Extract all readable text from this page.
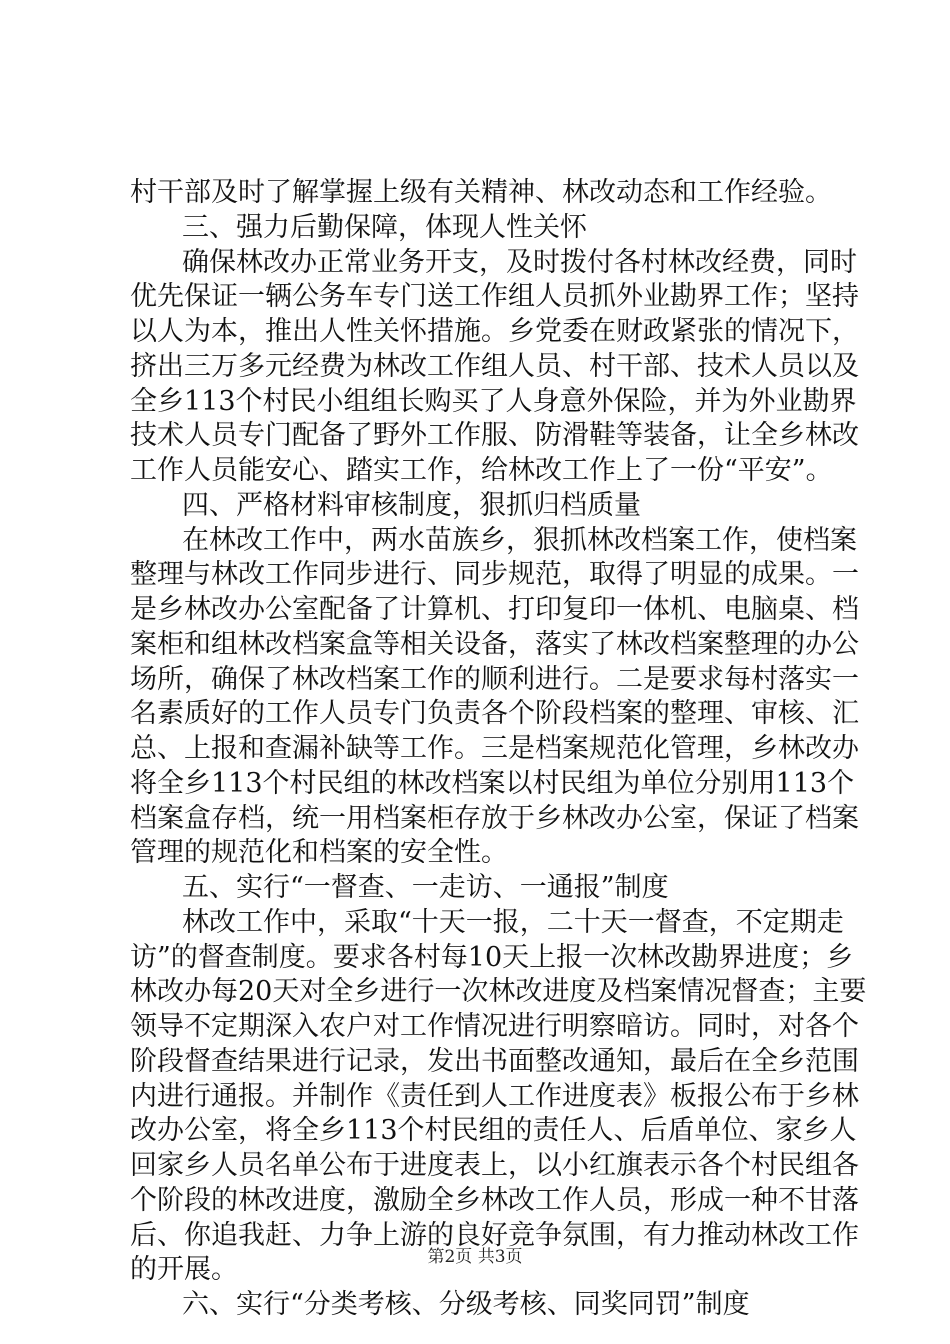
村干部及时了解掌握上级有关精神、林改动态和工作经验。
三、强力后勤保障，体现人性关怀
确保林改办正常业务开支，及时拨付各村林改经费，同时
优先保证一辆公务车专门送工作组人员抓外业勘界工作；坚持
以人为本，推出人性关怀措施。乡党委在财政紧张的情况下，
挤出三万多元经费为林改工作组人员、村干部、技术人员以及
全乡113个村民小组组长购买了人身意外保险，并为外业勘界
技术人员专门配备了野外工作服、防滑鞋等装备，让全乡林改
工作人员能安心、踏实工作，给林改工作上了一份“平安”。
四、严格材料审核制度，狠抓归档质量
在林改工作中，两水苗族乡，狠抓林改档案工作，使档案
整理与林改工作同步进行、同步规范，取得了明显的成果。一
是乡林改办公室配备了计算机、打印复印一体机、电脑桌、档
案柜和组林改档案盒等相关设备，落实了林改档案整理的办公
场所，确保了林改档案工作的顺利进行。二是要求每村落实一
名素质好的工作人员专门负责各个阶段档案的整理、审核、汇
总、上报和查漏补缺等工作。三是档案规范化管理，乡林改办
将全乡113个村民组的林改档案以村民组为单位分别用113个
档案盒存档，统一用档案柜存放于乡林改办公室，保证了档案
管理的规范化和档案的安全性。
五、实行“一督查、一走访、一通报”制度
林改工作中，采取“十天一报，二十天一督查，不定期走
访”的督查制度。要求各村每10天上报一次林改勘界进度；乡
林改办每20天对全乡进行一次林改进度及档案情况督查；主要
领导不定期深入农户对工作情况进行明察暗访。同时，对各个
阶段督查结果进行记录，发出书面整改通知，最后在全乡范围
内进行通报。并制作《责任到人工作进度表》板报公布于乡林
改办公室，将全乡113个村民组的责任人、后盾单位、家乡人
回家乡人员名单公布于进度表上，以小红旗表示各个村民组各
个阶段的林改进度，激励全乡林改工作人员，形成一种不甘落
后、你追我赶、力争上游的良好竞争氛围，有力推动林改工作
的开展。
六、实行“分类考核、分级考核、同奖同罚”制度
第2页 共3页
